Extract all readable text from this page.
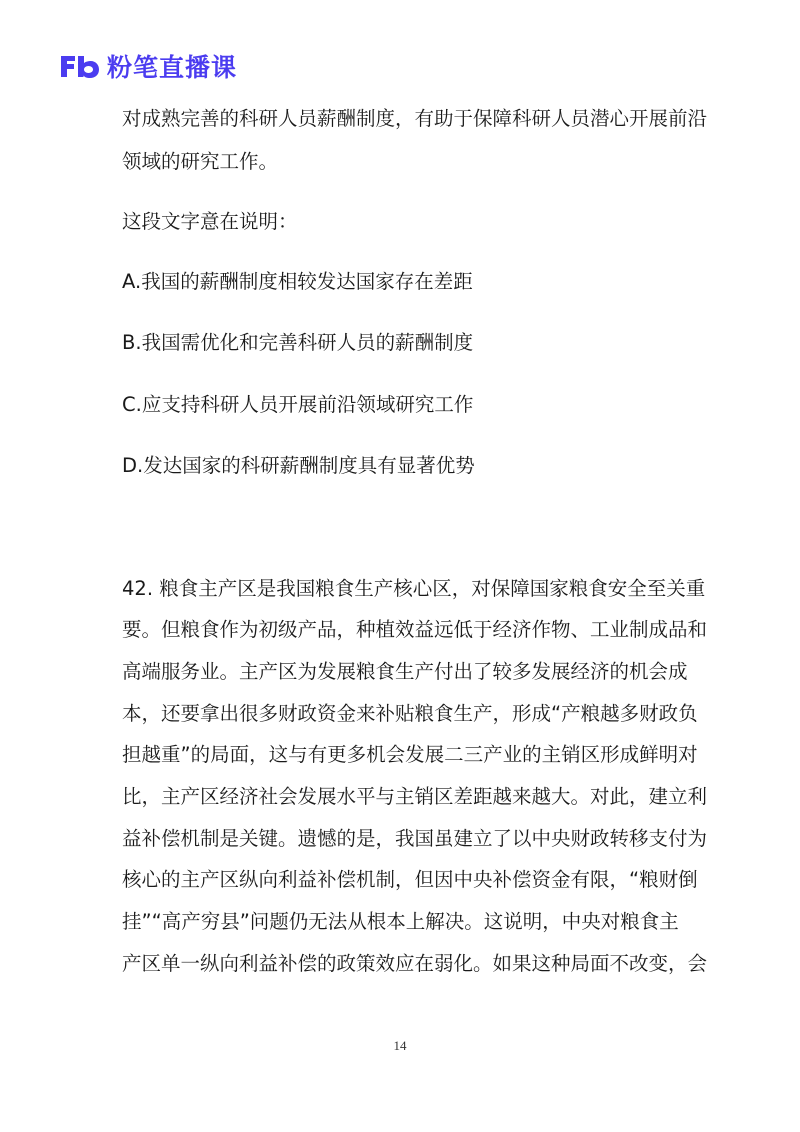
粉笔直播课
对成熟完善的科研人员薪酬制度，有助于保障科研人员潜心开展前沿
领域的研究工作。
这段文字意在说明：
A.我国的薪酬制度相较发达国家存在差距
B.我国需优化和完善科研人员的薪酬制度
C.应支持科研人员开展前沿领域研究工作
D.发达国家的科研薪酬制度具有显著优势
42. 粮食主产区是我国粮食生产核心区，对保障国家粮食安全至关重
要。但粮食作为初级产品，种植效益远低于经济作物、工业制成品和
高端服务业。主产区为发展粮食生产付出了较多发展经济的机会成
本，还要拿出很多财政资金来补贴粮食生产，形成“产粮越多财政负
担越重”的局面，这与有更多机会发展二三产业的主销区形成鲜明对
比，主产区经济社会发展水平与主销区差距越来越大。对此，建立利
益补偿机制是关键。遗憾的是，我国虽建立了以中央财政转移支付为
核心的主产区纵向利益补偿机制，但因中央补偿资金有限，“粮财倒
挂”“高产穷县”问题仍无法从根本上解决。这说明，中央对粮食主
产区单一纵向利益补偿的政策效应在弱化。如果这种局面不改变，会
14
